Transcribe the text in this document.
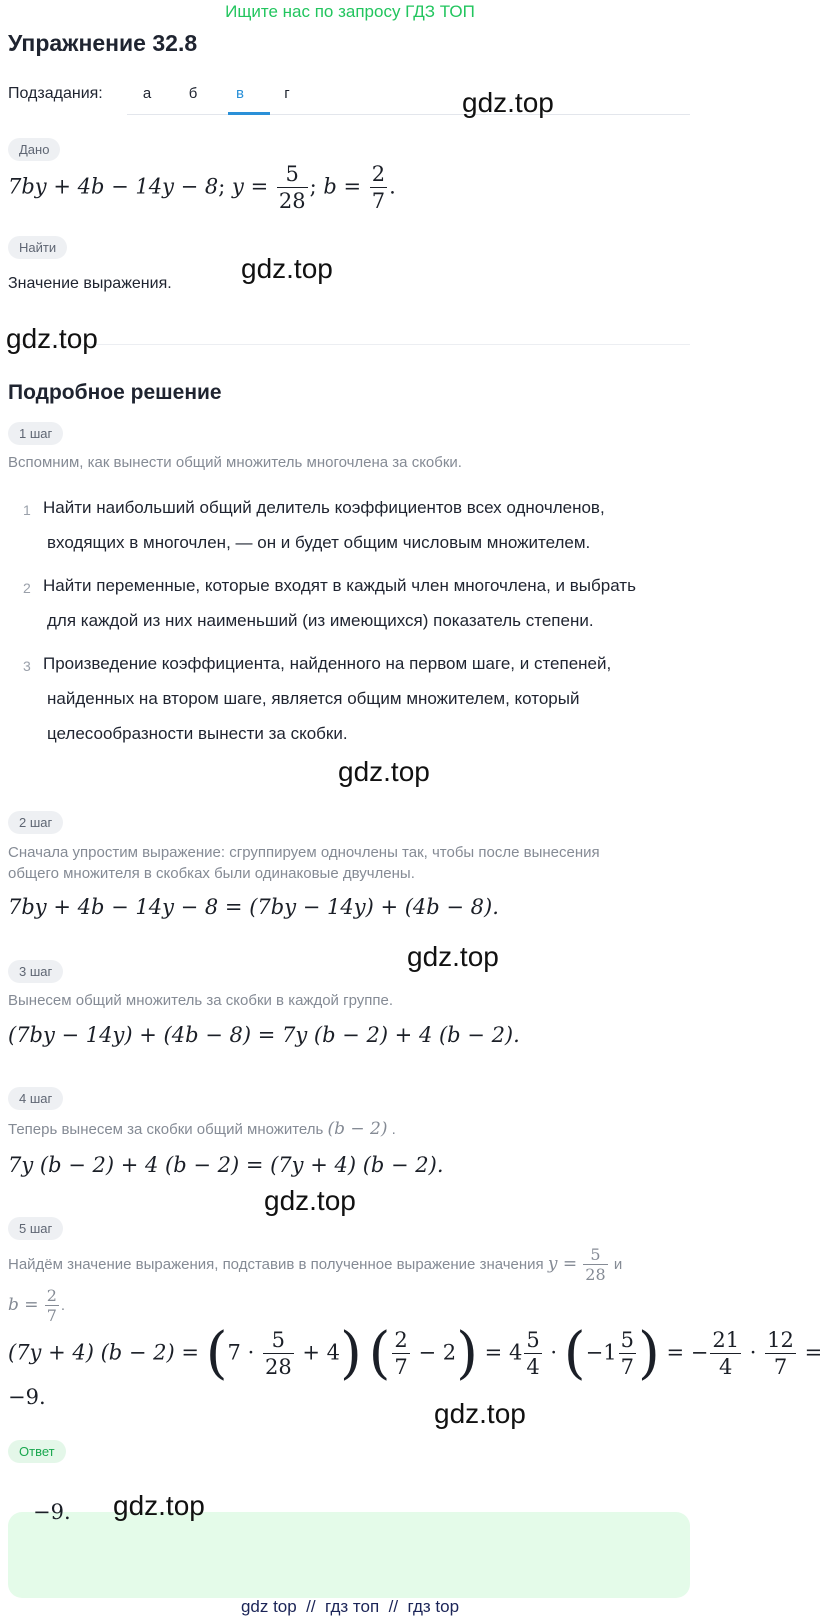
Ищите нас по запросу ГДЗ ТОП
Упражнение 32.8
Подзадания:	а	б	в	г
Дано
7by + 4b − 14y − 8; $y = \frac{5}{28}$ ; $b = \frac{2}{7}$ .
Найти
Значение выражения.
Подробное решение
1 шаг
Вспомним, как вынести общий множитель многочлена за скобки.
1 Найти наибольший общий делитель коэффициентов всех одночленов,
входящих в многочлен, — он и будет общим числовым множителем.
2 Найти переменные, которые входят в каждый член многочлена, и выбрать
для каждой из них наименьший (из имеющихся) показатель степени.
3 Произведение коэффициента, найденного на первом шаге, и степеней,
найденных на втором шаге, является общим множителем, который
целесообразности вынести за скобки.
2 шаг
Сначала упростим выражение: сгруппируем одночлены так, чтобы после вынесения
общего множителя в скобках были одинаковые двучлены.
7by + 4b − 14y − 8 = (7by − 14y) + (4b − 8).
3 шаг
Вынесем общий множитель за скобки в каждой группе.
(7by − 14y) + (4b − 8) = 7y (b − 2) + 4 (b − 2).
4 шаг
Теперь вынесем за скобки общий множитель (b − 2) .
7y (b − 2) + 4 (b − 2) = (7y + 4) (b − 2).
5 шаг
Найдём значение выражения, подставив в полученное выражение значения $y = \frac{5}{28}$ и
$b = \frac{2}{7}$ .
(7y + 4) $(b - 2) = (7 \cdot \frac{5}{28} + 4)$ ( $\frac{2}{7} - 2) = 4 \frac{5}{4} \cdot (-1 \frac{5}{7}$ ) = − $\frac{21}{4} \cdot \frac{12}{7}$ =
−9.
Ответ
−9.
gdz.top
gdz.top
gdz.top
gdz.top
gdz.top
gdz.top
gdz.top
gdz.top
gdz top  //  гдз топ  //  гдз top
